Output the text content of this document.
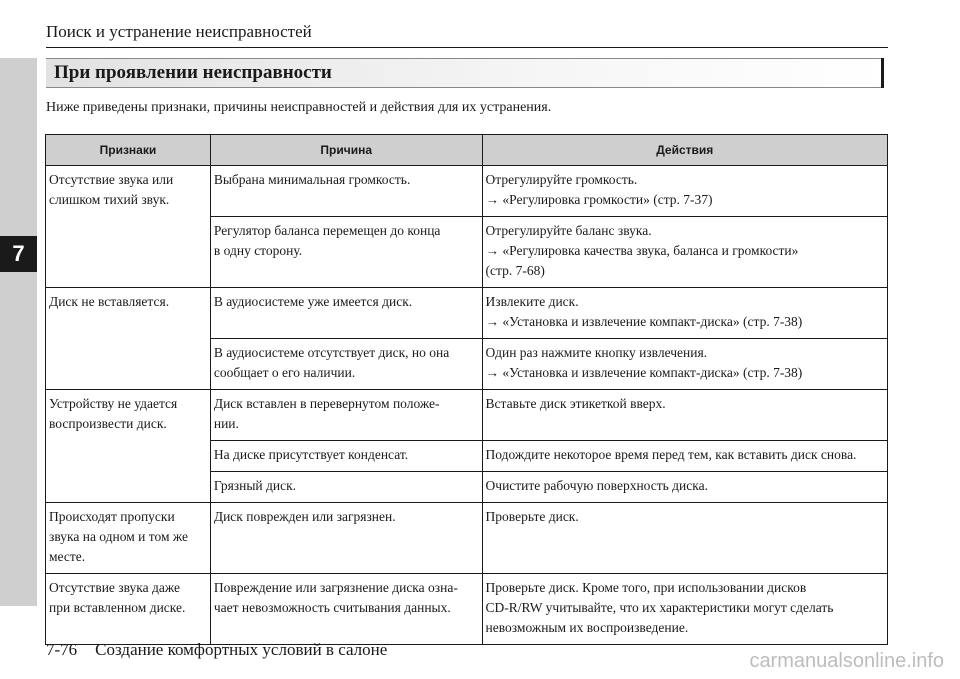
7
Поиск и устранение неисправностей
При проявлении неисправности
Ниже приведены признаки, причины неисправностей и действия для их устранения.
Признаки	Причина	Действия

Отсутствие звука или
слишком тихий звук.	Выбрана минимальная громкость.	Отрегулируйте громкость.
→ «Регулировка громкости» (стр. 7-37)

	Регулятор баланса перемещен до конца
в одну сторону.	Отрегулируйте баланс звука.
→ «Регулировка качества звука, баланса и громкости»
(стр. 7-68)

Диск не вставляется.	В аудиосистеме уже имеется диск.	Извлеките диск.
→ «Установка и извлечение компакт-диска» (стр. 7-38)

	В аудиосистеме отсутствует диск, но она
сообщает о его наличии.	Один раз нажмите кнопку извлечения.
→ «Установка и извлечение компакт-диска» (стр. 7-38)

Устройству не удается
воспроизвести диск.	Диск вставлен в перевернутом положе-
нии.	Вставьте диск этикеткой вверх.

	На диске присутствует конденсат.	Подождите некоторое время перед тем, как вставить диск снова.

	Грязный диск.	Очистите рабочую поверхность диска.

Происходят пропуски
звука на одном и том же
месте.	Диск поврежден или загрязнен.	Проверьте диск.

Отсутствие звука даже
при вставленном диске.	Повреждение или загрязнение диска озна-
чает невозможность считывания данных.	Проверьте диск. Кроме того, при использовании дисков
CD-R/RW учитывайте, что их характеристики могут сделать
невозможным их воспроизведение.
7-76 Создание комфортных условий в салоне
carmanualsonline.info
